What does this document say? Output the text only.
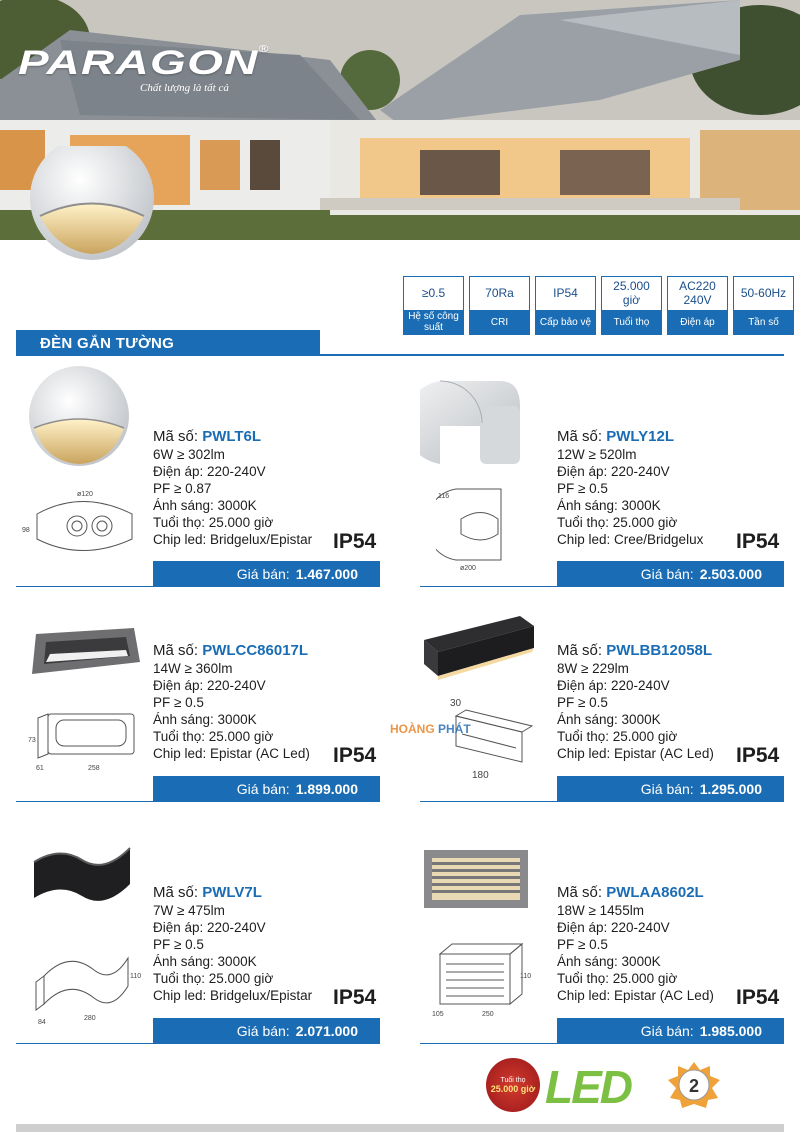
PARAGON®
Chất lượng là tất cả
≥0.5
Hệ số công suất
70Ra
CRI
IP54
Cấp bảo vệ
25.000 giờ
Tuổi thọ
AC220 240V
Điện áp
50-60Hz
Tần số
ĐÈN GẮN TƯỜNG
ø120
98
Mã số: PWLT6L
6W ≥ 302lm
Điện áp: 220-240V
PF ≥ 0.87
Ánh sáng: 3000K
Tuổi thọ: 25.000 giờ
Chip led: Bridgelux/Epistar IP54
Giá bán: 1.467.000
116
ø200
Mã số: PWLY12L
12W ≥ 520lm
Điện áp: 220-240V
PF ≥ 0.5
Ánh sáng: 3000K
Tuổi thọ: 25.000 giờ
Chip led: Cree/Bridgelux IP54
Giá bán: 2.503.000
73
61	258
Mã số: PWLCC86017L
14W ≥ 360lm
Điện áp: 220-240V
PF ≥ 0.5
Ánh sáng: 3000K
Tuổi thọ: 25.000 giờ
Chip led: Epistar (AC Led) IP54
Giá bán: 1.899.000
30
180
Mã số: PWLBB12058L
8W ≥ 229lm
Điện áp: 220-240V
PF ≥ 0.5
Ánh sáng: 3000K
Tuổi thọ: 25.000 giờ
Chip led: Epistar (AC Led) IP54
Giá bán: 1.295.000
HOÀNG PHÁT
110
84
280
Mã số: PWLV7L
7W ≥ 475lm
Điện áp: 220-240V
PF ≥ 0.5
Ánh sáng: 3000K
Tuổi thọ: 25.000 giờ
Chip led: Bridgelux/Epistar IP54
Giá bán: 2.071.000
110
105	250
Mã số: PWLAA8602L
18W ≥ 1455lm
Điện áp: 220-240V
PF ≥ 0.5
Ánh sáng: 3000K
Tuổi thọ: 25.000 giờ
Chip led: Epistar (AC Led) IP54
Giá bán: 1.985.000
Tuổi thọ
25.000 giờ LED	2
